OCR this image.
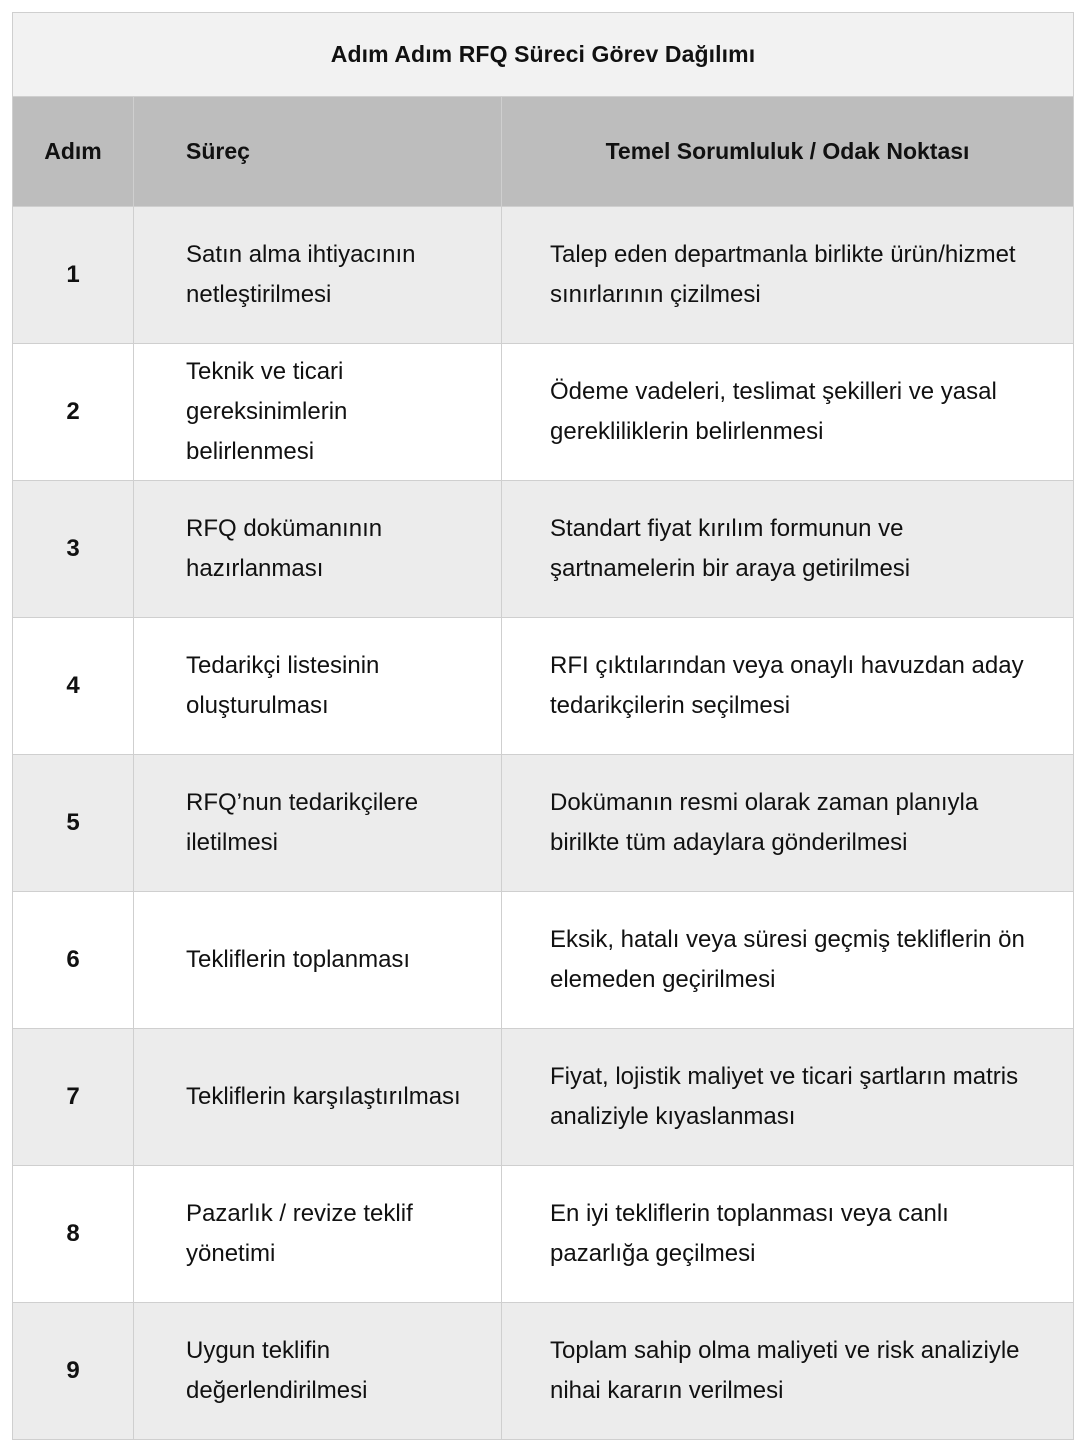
Adım Adım RFQ Süreci Görev Dağılımı		
Adım	Süreç	Temel Sorumluluk / Odak Noktası
1	Satın alma ihtiyacının netleştirilmesi	Talep eden departmanla birlikte ürün/hizmet sınırlarının çizilmesi
2	Teknik ve ticari gereksinimlerin belirlenmesi	Ödeme vadeleri, teslimat şekilleri ve yasal gerekliliklerin belirlenmesi
3	RFQ dokümanının hazırlanması	Standart fiyat kırılım formunun ve şartnamelerin bir araya getirilmesi
4	Tedarikçi listesinin oluşturulması	RFI çıktılarından veya onaylı havuzdan aday tedarikçilerin seçilmesi
5	RFQ’nun tedarikçilere iletilmesi	Dokümanın resmi olarak zaman planıyla birilkte tüm adaylara gönderilmesi
6	Tekliflerin toplanması	Eksik, hatalı veya süresi geçmiş tekliflerin ön elemeden geçirilmesi
7	Tekliflerin karşılaştırılması	Fiyat, lojistik maliyet ve ticari şartların matris analiziyle kıyaslanması
8	Pazarlık / revize teklif yönetimi	En iyi tekliflerin toplanması veya canlı pazarlığa geçilmesi
9	Uygun teklifin değerlendirilmesi	Toplam sahip olma maliyeti ve risk analiziyle nihai kararın verilmesi
